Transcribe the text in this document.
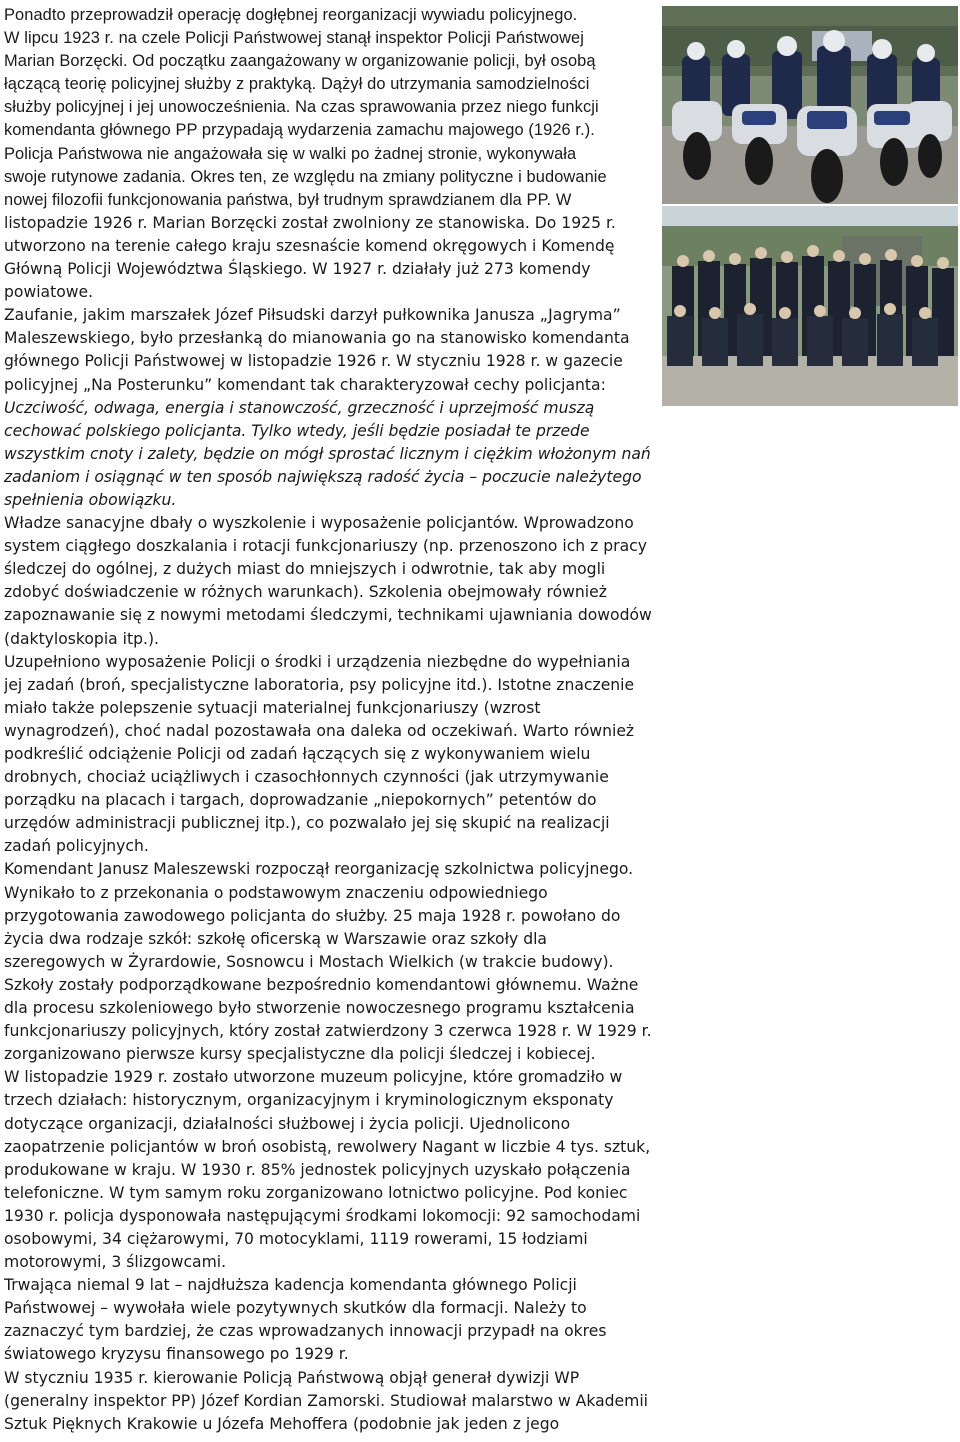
Ponadto przeprowadził operację dogłębnej reorganizacji wywiadu policyjnego.
W lipcu 1923 r. na czele Policji Państwowej stanął inspektor Policji Państwowej
Marian Borzęcki. Od początku zaangażowany w organizowanie policji, był osobą
łączącą teorię policyjnej służby z praktyką. Dążył do utrzymania samodzielności
służby policyjnej i jej unowocześnienia. Na czas sprawowania przez niego funkcji
komendanta głównego PP przypadają wydarzenia zamachu majowego (1926 r.).
Policja Państwowa nie angażowała się w walki po żadnej stronie, wykonywała
swoje rutynowe zadania. Okres ten, ze względu na zmiany polityczne i budowanie
nowej filozofii funkcjonowania państwa, był trudnym sprawdzianem dla PP. W
listopadzie 1926 r. Marian Borzęcki został zwolniony ze stanowiska. Do 1925 r.
utworzono na terenie całego kraju szesnaście komend okręgowych i Komendę
Główną Policji Województwa Śląskiego. W 1927 r. działały już 273 komendy
powiatowe.
Zaufanie, jakim marszałek Józef Piłsudski darzył pułkownika Janusza „Jagryma”
Maleszewskiego, było przesłanką do mianowania go na stanowisko komendanta
głównego Policji Państwowej w listopadzie 1926 r. W styczniu 1928 r. w gazecie
policyjnej „Na Posterunku” komendant tak charakteryzował cechy policjanta:
Uczciwość, odwaga, energia i stanowczość, grzeczność i uprzejmość muszą
cechować polskiego policjanta. Tylko wtedy, jeśli będzie posiadał te przede
wszystkim cnoty i zalety, będzie on mógł sprostać licznym i ciężkim włożonym nań
zadaniom i osiągnąć w ten sposób największą radość życia – poczucie należytego
spełnienia obowiązku.
Władze sanacyjne dbały o wyszkolenie i wyposażenie policjantów. Wprowadzono
system ciągłego doszkalania i rotacji funkcjonariuszy (np. przenoszono ich z pracy
śledczej do ogólnej, z dużych miast do mniejszych i odwrotnie, tak aby mogli
zdobyć doświadczenie w różnych warunkach). Szkolenia obejmowały również
zapoznawanie się z nowymi metodami śledczymi, technikami ujawniania dowodów
(daktyloskopia itp.).
Uzupełniono wyposażenie Policji o środki i urządzenia niezbędne do wypełniania
jej zadań (broń, specjalistyczne laboratoria, psy policyjne itd.). Istotne znaczenie
miało także polepszenie sytuacji materialnej funkcjonariuszy (wzrost
wynagrodzeń), choć nadal pozostawała ona daleka od oczekiwań. Warto również
podkreślić odciążenie Policji od zadań łączących się z wykonywaniem wielu
drobnych, chociaż uciążliwych i czasochłonnych czynności (jak utrzymywanie
porządku na placach i targach, doprowadzanie „niepokornych” petentów do
urzędów administracji publicznej itp.), co pozwalało jej się skupić na realizacji
zadań policyjnych.
Komendant Janusz Maleszewski rozpoczął reorganizację szkolnictwa policyjnego.
Wynikało to z przekonania o podstawowym znaczeniu odpowiedniego
przygotowania zawodowego policjanta do służby. 25 maja 1928 r. powołano do
życia dwa rodzaje szkół: szkołę oficerską w Warszawie oraz szkoły dla
szeregowych w Żyrardowie, Sosnowcu i Mostach Wielkich (w trakcie budowy).
Szkoły zostały podporządkowane bezpośrednio komendantowi głównemu. Ważne
dla procesu szkoleniowego było stworzenie nowoczesnego programu kształcenia
funkcjonariuszy policyjnych, który został zatwierdzony 3 czerwca 1928 r. W 1929 r.
zorganizowano pierwsze kursy specjalistyczne dla policji śledczej i kobiecej.
W listopadzie 1929 r. zostało utworzone muzeum policyjne, które gromadziło w
trzech działach: historycznym, organizacyjnym i kryminologicznym eksponaty
dotyczące organizacji, działalności służbowej i życia policji. Ujednolicono
zaopatrzenie policjantów w broń osobistą, rewolwery Nagant w liczbie 4 tys. sztuk,
produkowane w kraju. W 1930 r. 85% jednostek policyjnych uzyskało połączenia
telefoniczne. W tym samym roku zorganizowano lotnictwo policyjne. Pod koniec
1930 r. policja dysponowała następującymi środkami lokomocji: 92 samochodami
osobowymi, 34 ciężarowymi, 70 motocyklami, 1119 rowerami, 15 łodziami
motorowymi, 3 ślizgowcami.
Trwająca niemal 9 lat – najdłuższa kadencja komendanta głównego Policji
Państwowej – wywołała wiele pozytywnych skutków dla formacji. Należy to
zaznaczyć tym bardziej, że czas wprowadzanych innowacji przypadł na okres
światowego kryzysu finansowego po 1929 r.
W styczniu 1935 r. kierowanie Policją Państwową objął generał dywizji WP
(generalny inspektor PP) Józef Kordian Zamorski. Studiował malarstwo w Akademii
Sztuk Pięknych Krakowie u Józefa Mehoffera (podobnie jak jeden z jego
